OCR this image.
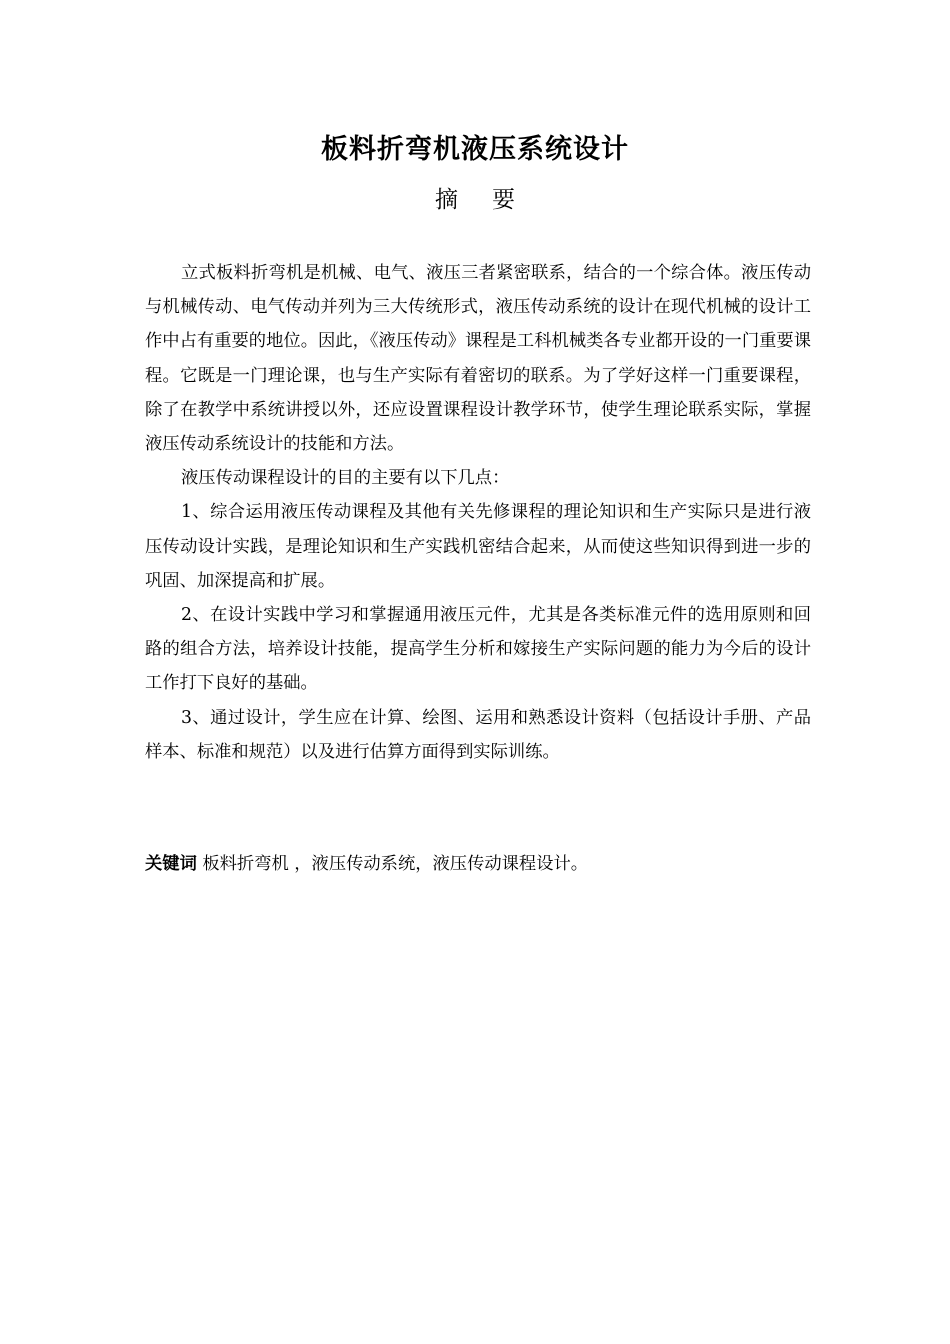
板料折弯机液压系统设计
摘 要

立式板料折弯机是机械、电气、液压三者紧密联系，结合的一个综合体。液压传动与机械传动、电气传动并列为三大传统形式，液压传动系统的设计在现代机械的设计工作中占有重要的地位。因此，《液压传动》课程是工科机械类各专业都开设的一门重要课程。它既是一门理论课，也与生产实际有着密切的联系。为了学好这样一门重要课程，除了在教学中系统讲授以外，还应设置课程设计教学环节，使学生理论联系实际，掌握液压传动系统设计的技能和方法。

液压传动课程设计的目的主要有以下几点：

1、综合运用液压传动课程及其他有关先修课程的理论知识和生产实际只是进行液压传动设计实践，是理论知识和生产实践机密结合起来，从而使这些知识得到进一步的巩固、加深提高和扩展。

2、在设计实践中学习和掌握通用液压元件，尤其是各类标准元件的选用原则和回路的组合方法，培养设计技能，提高学生分析和嫁接生产实际问题的能力为今后的设计工作打下良好的基础。

3、通过设计，学生应在计算、绘图、运用和熟悉设计资料（包括设计手册、产品样本、标准和规范）以及进行估算方面得到实际训练。

关键词 板料折弯机 ，液压传动系统，液压传动课程设计。
